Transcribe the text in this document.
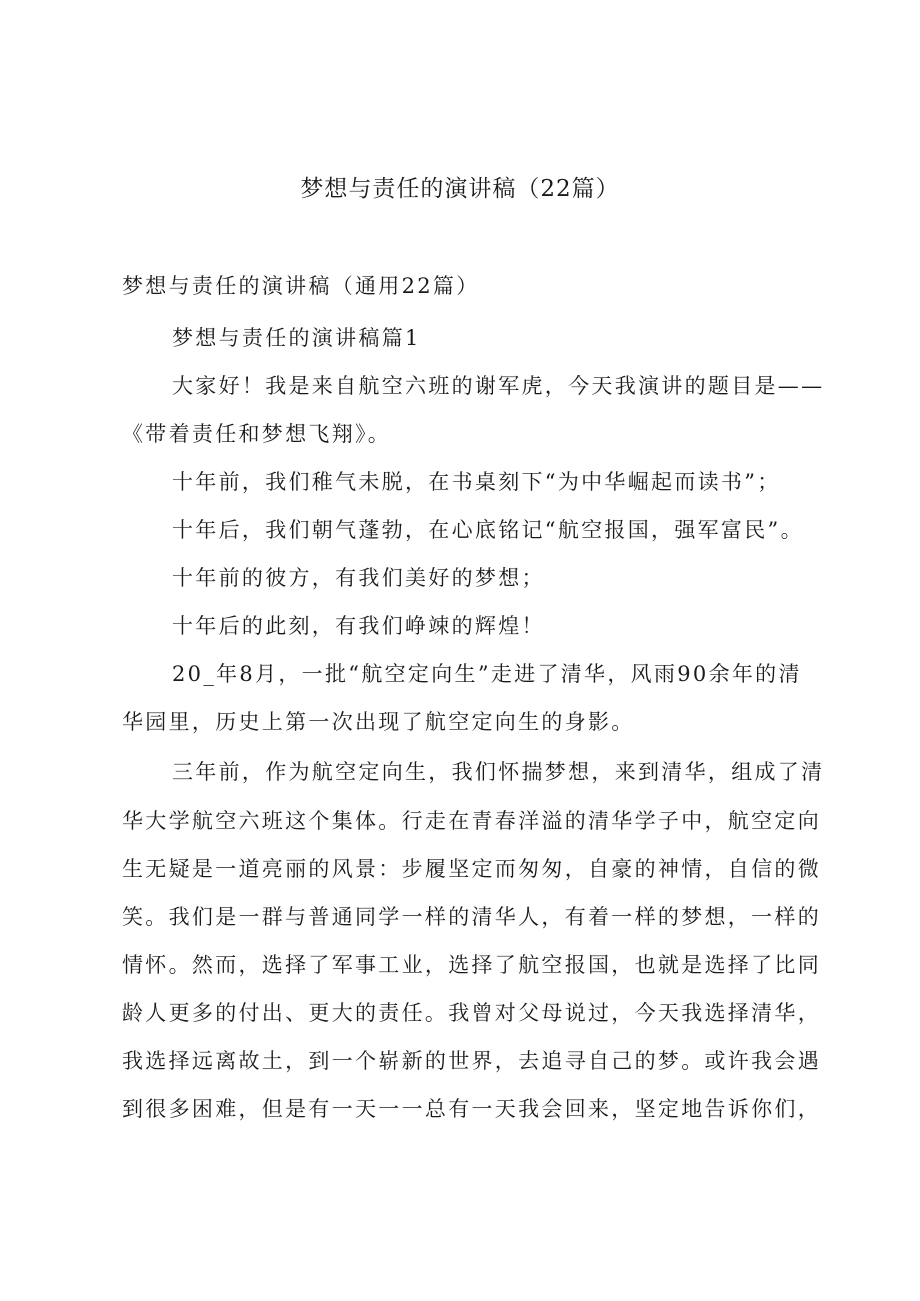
梦想与责任的演讲稿（22篇）
梦想与责任的演讲稿（通用22篇）
梦想与责任的演讲稿篇1
大家好！我是来自航空六班的谢军虎，今天我演讲的题目是——
《带着责任和梦想飞翔》。
十年前，我们稚气未脱，在书桌刻下“为中华崛起而读书”；
十年后，我们朝气蓬勃，在心底铭记“航空报国，强军富民”。
十年前的彼方，有我们美好的梦想；
十年后的此刻，有我们峥竦的辉煌！
20_年8月，一批“航空定向生”走进了清华，风雨90余年的清
华园里，历史上第一次出现了航空定向生的身影。
三年前，作为航空定向生，我们怀揣梦想，来到清华，组成了清
华大学航空六班这个集体。行走在青春洋溢的清华学子中，航空定向
生无疑是一道亮丽的风景：步履坚定而匆匆，自豪的神情，自信的微
笑。我们是一群与普通同学一样的清华人，有着一样的梦想，一样的
情怀。然而，选择了军事工业，选择了航空报国，也就是选择了比同
龄人更多的付出、更大的责任。我曾对父母说过，今天我选择清华，
我选择远离故土，到一个崭新的世界，去追寻自己的梦。或许我会遇
到很多困难，但是有一天一一总有一天我会回来，坚定地告诉你们，
